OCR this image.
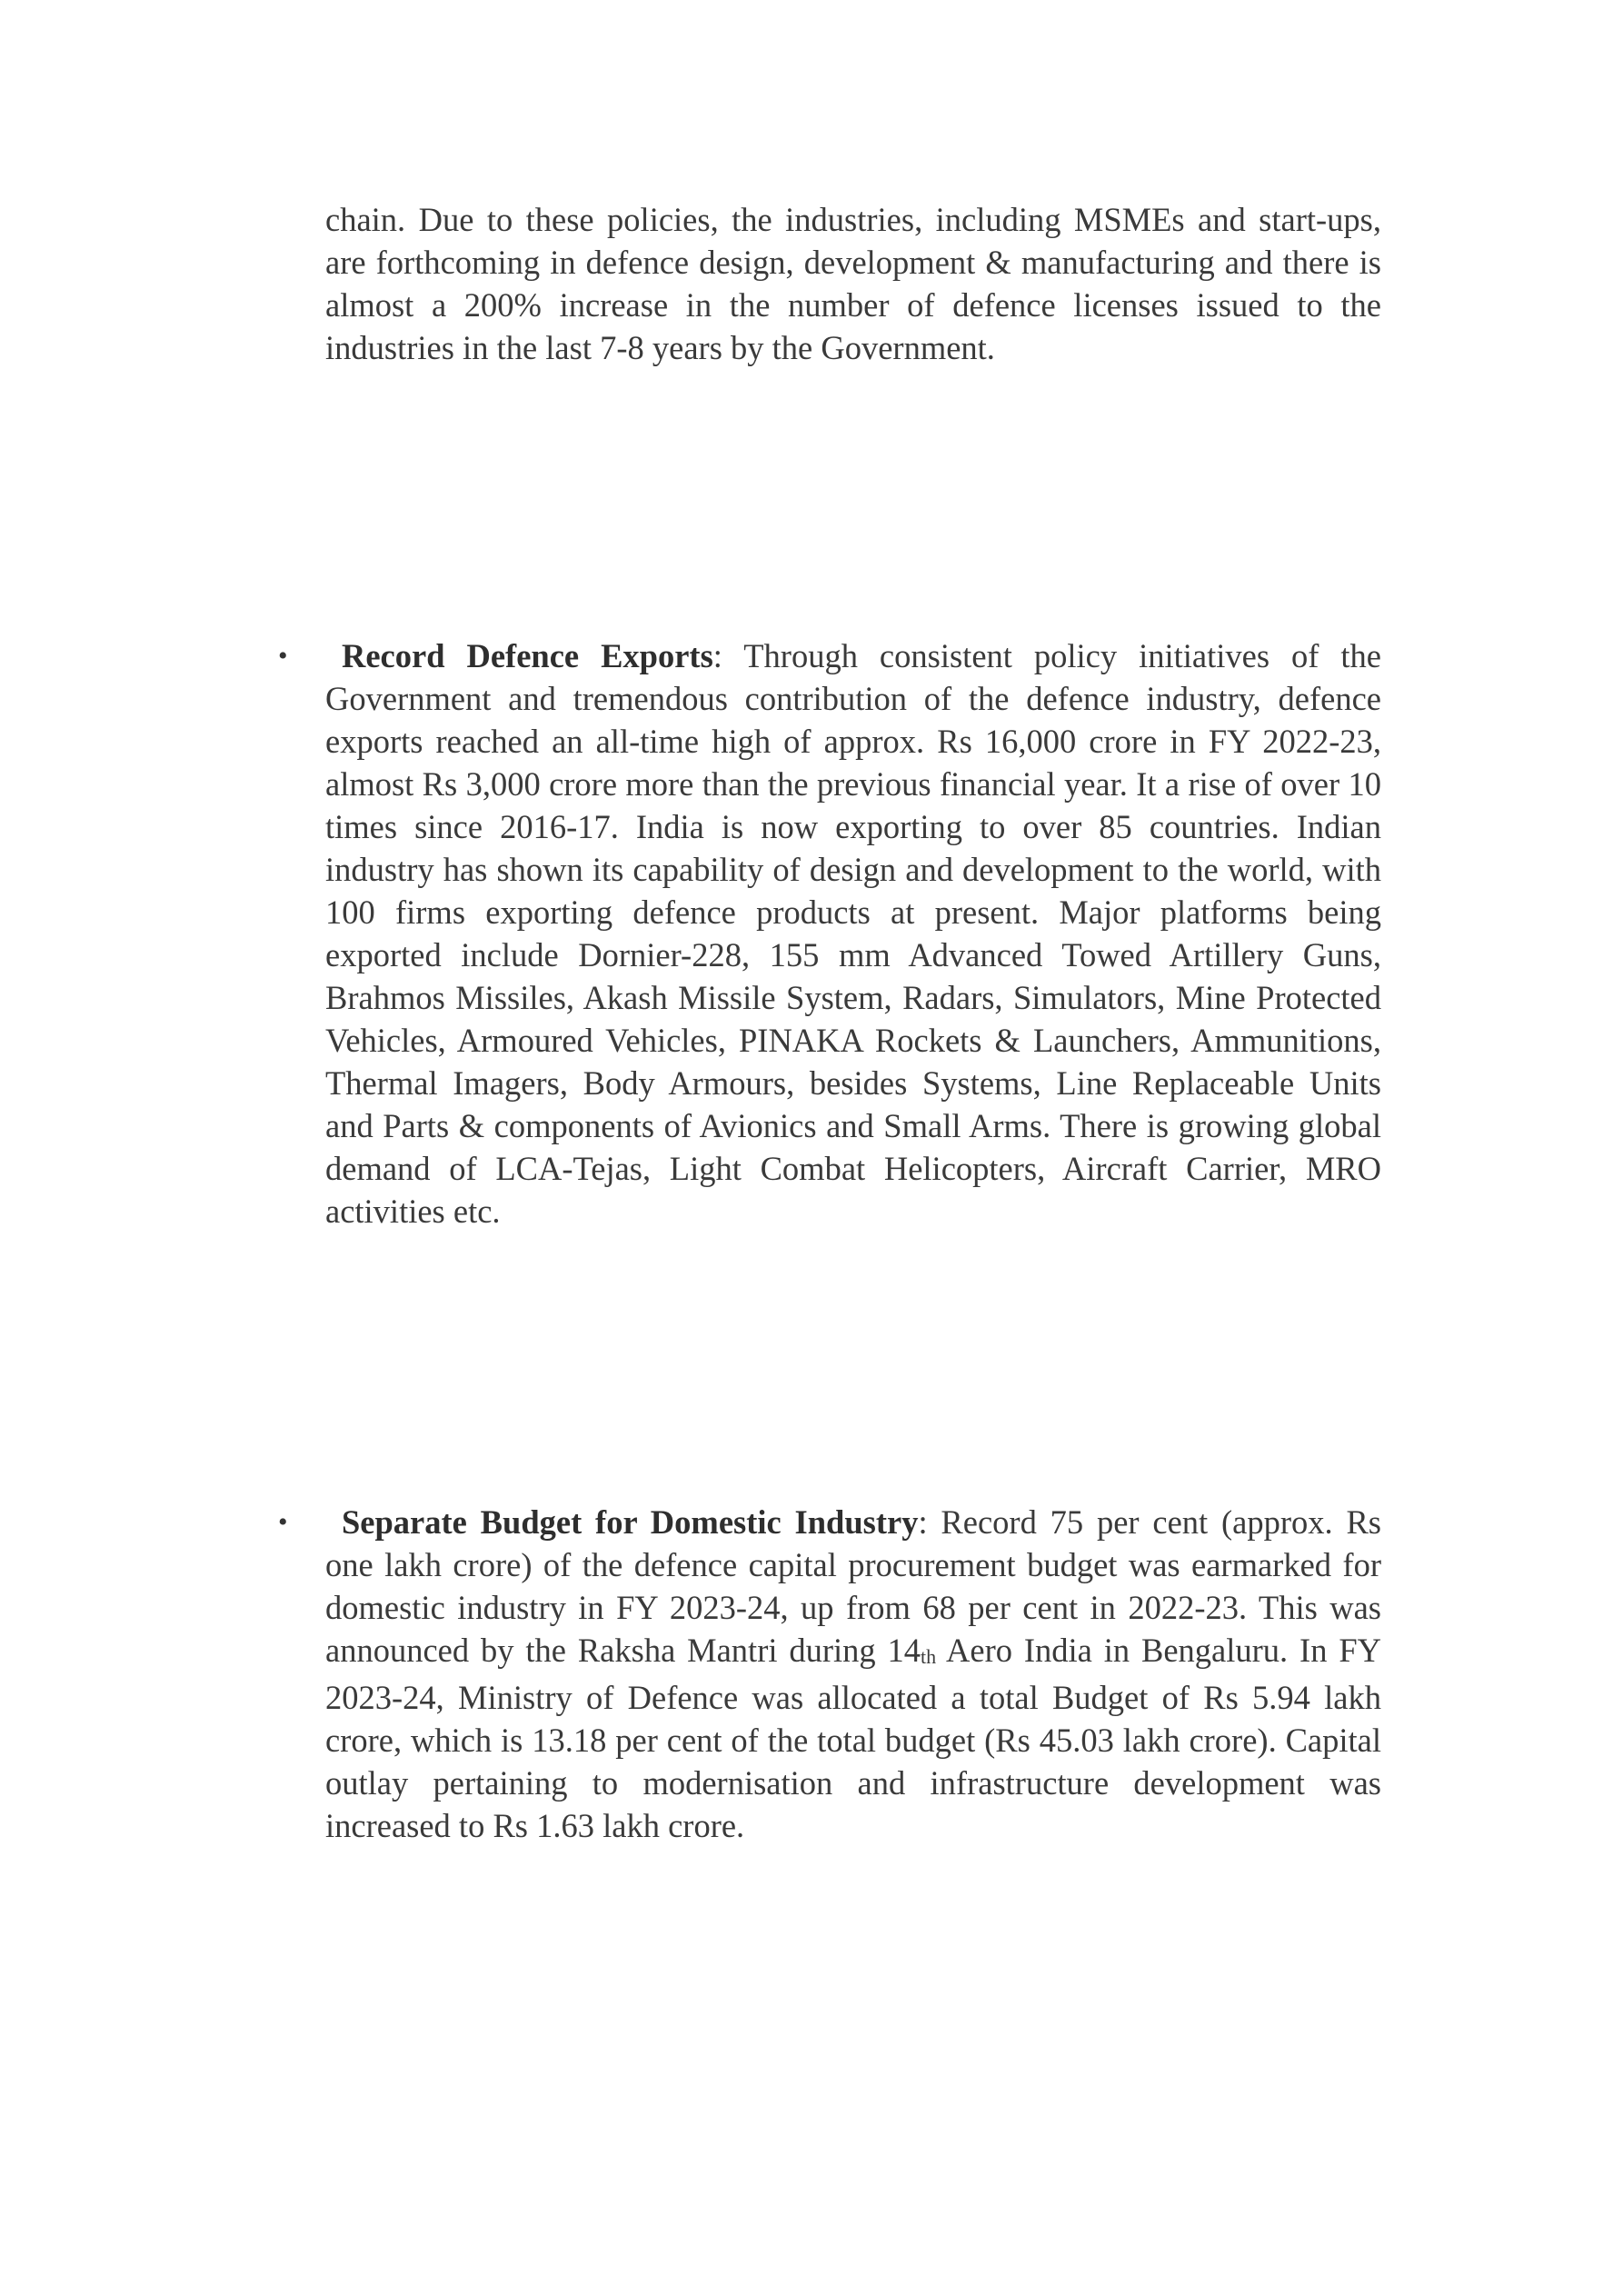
chain. Due to these policies, the industries, including MSMEs and start-ups, are forthcoming in defence design, development & manufacturing and there is almost a 200% increase in the number of defence licenses issued to the industries in the last 7-8 years by the Government.

•	Record Defence Exports: Through consistent policy initiatives of the Government and tremendous contribution of the defence industry, defence exports reached an all-time high of approx. Rs 16,000 crore in FY 2022-23, almost Rs 3,000 crore more than the previous financial year. It a rise of over 10 times since 2016-17. India is now exporting to over 85 countries. Indian industry has shown its capability of design and development to the world, with 100 firms exporting defence products at present. Major platforms being exported include Dornier-228, 155 mm Advanced Towed Artillery Guns, Brahmos Missiles, Akash Missile System, Radars, Simulators, Mine Protected Vehicles, Armoured Vehicles, PINAKA Rockets & Launchers, Ammunitions, Thermal Imagers, Body Armours, besides Systems, Line Replaceable Units and Parts & components of Avionics and Small Arms. There is growing global demand of LCA-Tejas, Light Combat Helicopters, Aircraft Carrier, MRO activities etc.

•	Separate Budget for Domestic Industry: Record 75 per cent (approx. Rs one lakh crore) of the defence capital procurement budget was earmarked for domestic industry in FY 2023-24, up from 68 per cent in 2022-23. This was announced by the Raksha Mantri during $14_{th}$ Aero India in Bengaluru. In FY 2023-24, Ministry of Defence was allocated a total Budget of Rs 5.94 lakh crore, which is 13.18 per cent of the total budget (Rs 45.03 lakh crore). Capital outlay pertaining to modernisation and infrastructure development was increased to Rs 1.63 lakh crore.
